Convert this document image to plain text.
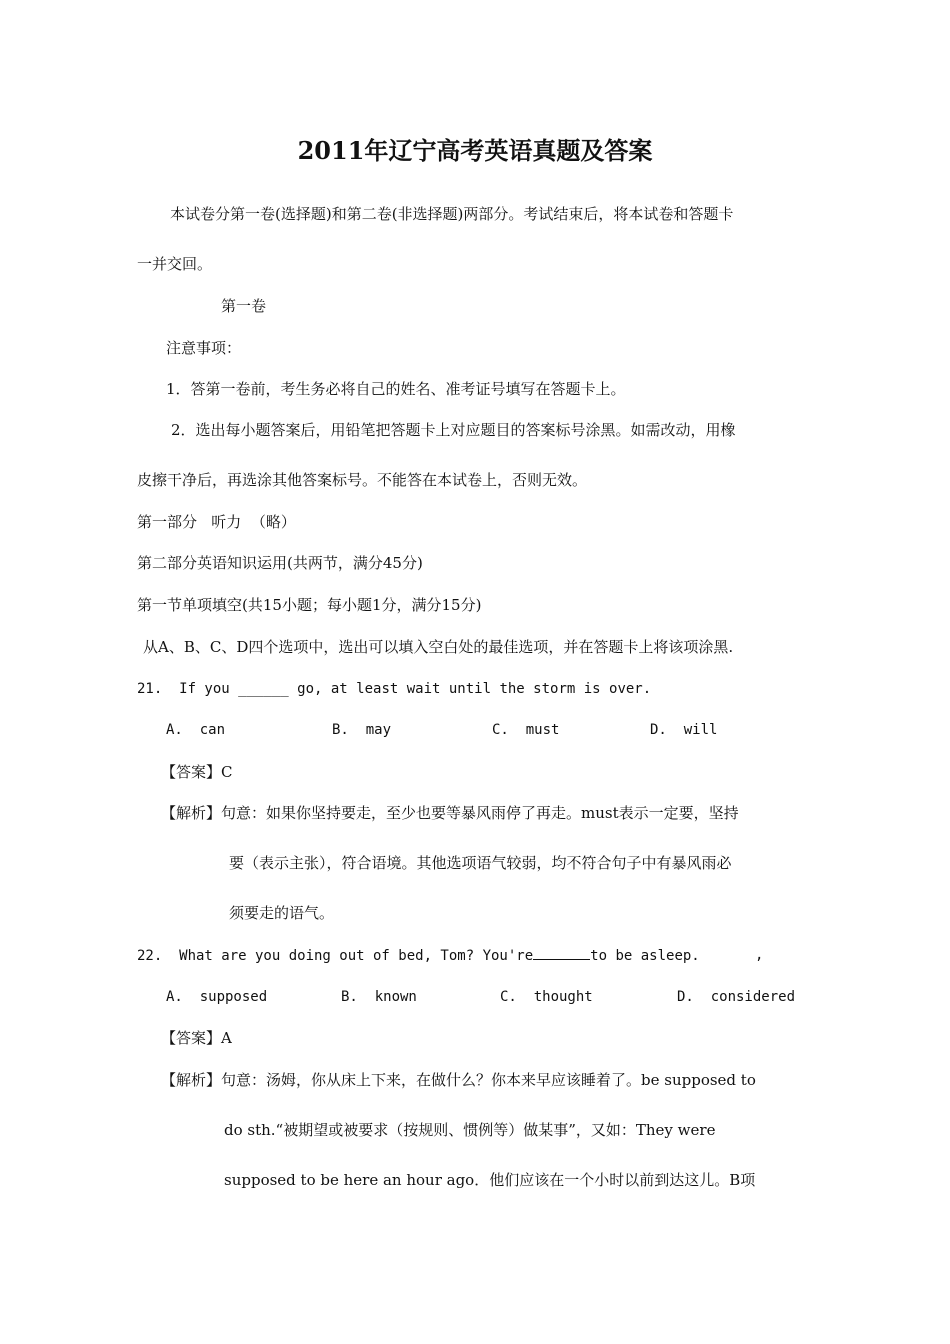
2011年辽宁高考英语真题及答案
本试卷分第一卷(选择题)和第二卷(非选择题)两部分。考试结束后，将本试卷和答题卡
一并交回。
第一卷
注意事项：
1．答第一卷前，考生务必将自己的姓名、准考证号填写在答题卡上。
2．选出每小题答案后，用铅笔把答题卡上对应题目的答案标号涂黑。如需改动，用橡
皮擦干净后，再选涂其他答案标号。不能答在本试卷上，否则无效。
第一部分   听力  （略）
第二部分英语知识运用(共两节，满分45分)
第一节单项填空(共15小题；每小题1分，满分15分)
从A、B、C、D四个选项中，选出可以填入空白处的最佳选项，并在答题卡上将该项涂黑.
21.  If you ______ go, at least wait until the storm is over.
A.  can	B.  may	C.  must	D.  will
【答案】C
【解析】句意：如果你坚持要走，至少也要等暴风雨停了再走。must表示一定要，坚持
要（表示主张），符合语境。其他选项语气较弱，均不符合句子中有暴风雨必
须要走的语气。
22.  What are you doing out of bed, Tom? You're	to be asleep.	,
A.  supposed	B.  known	C.  thought	D.  considered
【答案】A
【解析】句意：汤姆，你从床上下来，在做什么？你本来早应该睡着了。be supposed to
do sth.“被期望或被要求（按规则、惯例等）做某事”，又如：They were
supposed to be here an hour ago．他们应该在一个小时以前到达这儿。B项
